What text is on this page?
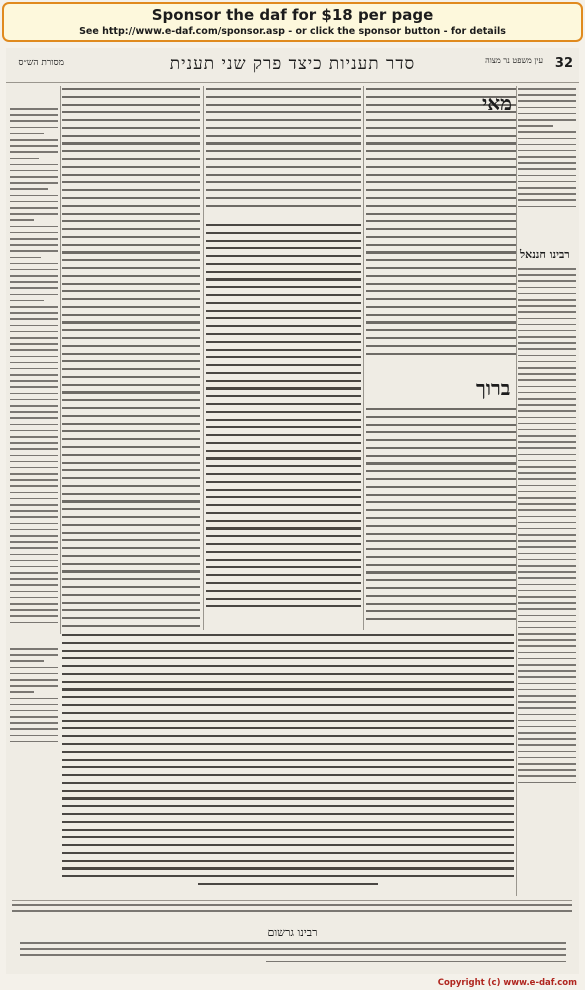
Sponsor the daf for $18 per page
See http://www.e-daf.com/sponsor.asp - or click the sponsor button - for details
מסורת הש״ס	סדר תעניות כיצד פרק שני תענית	עין משפט נר מצוה 32
מאי
רבינו חננאל
ברוך
רבינו גרשום
Copyright (c) www.e-daf.com
